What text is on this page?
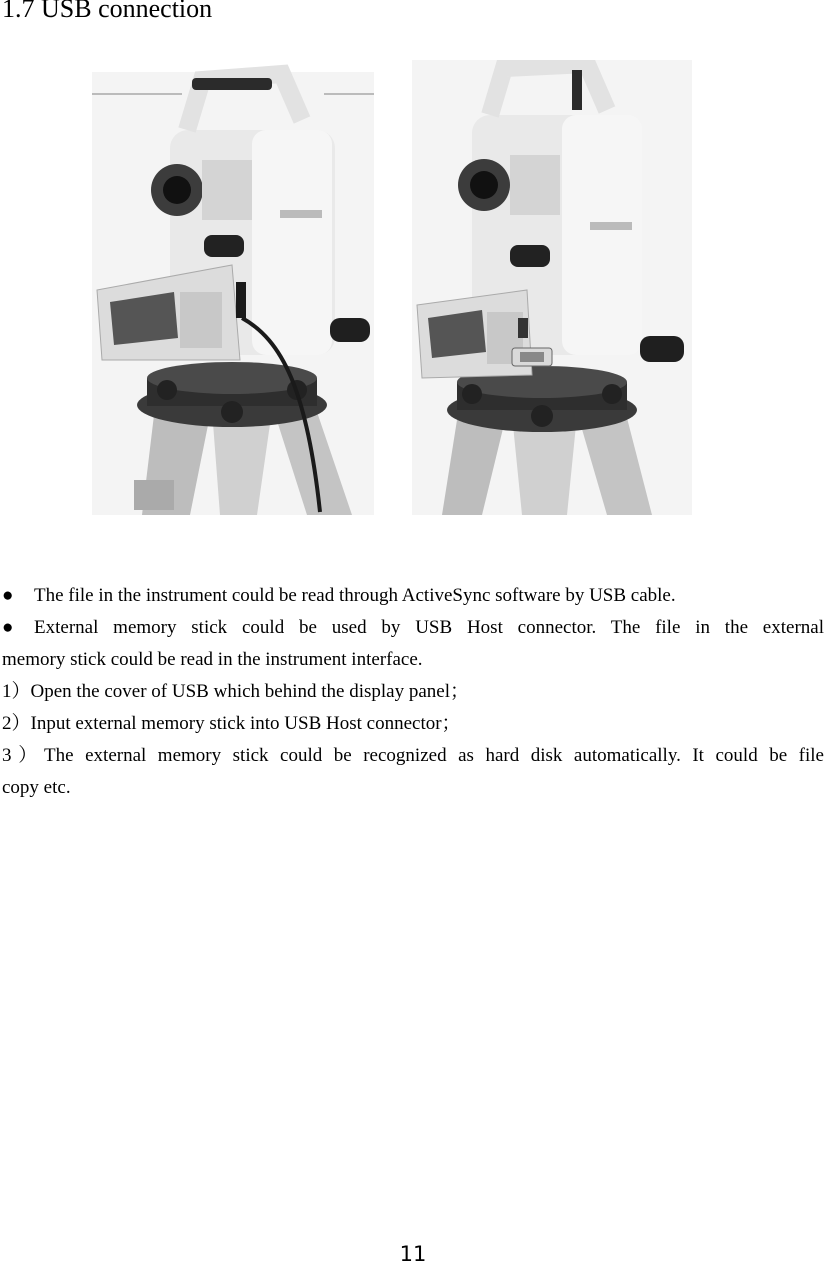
1.7 USB connection
● The file in the instrument could be read through ActiveSync software by USB cable.
● External memory stick could be used by USB Host connector. The file in the external
memory stick could be read in the instrument interface.
1）Open the cover of USB which behind the display panel；
2）Input external memory stick into USB Host connector；
3）The external memory stick could be recognized as hard disk automatically. It could be file
copy etc.
11
